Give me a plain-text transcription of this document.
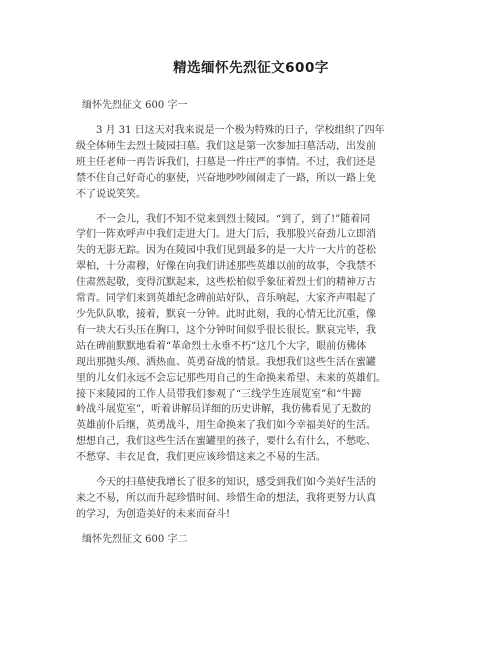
精选缅怀先烈征文600字
缅怀先烈征文 600 字一
3 月 31 日这天对我来说是一个极为特殊的日子，学校组织了四年
级全体师生去烈士陵园扫墓。我们这是第一次参加扫墓活动，出发前
班主任老师一再告诉我们，扫墓是一件庄严的事情。不过，我们还是
禁不住自己好奇心的驱使，兴奋地吵吵闹闹走了一路，所以一路上免
不了说说笑笑。
不一会儿，我们不知不觉来到烈士陵园。“到了，到了!”随着同
学们一阵欢呼声中我们走进大门。进大门后，我那股兴奋劲儿立即消
失的无影无踪。因为在陵园中我们见到最多的是一大片一大片的苍松
翠柏，十分肃穆，好像在向我们讲述那些英雄以前的故事，令我禁不
住肃然起敬，变得沉默起来，这些松柏似乎象征着烈士们的精神万古
常青。同学们来到英雄纪念碑前站好队，音乐响起，大家齐声唱起了
少先队队歌，接着，默哀一分钟。此时此刻，我的心情无比沉重，像
有一块大石头压在胸口，这个分钟时间似乎很长很长。默哀完毕，我
站在碑前默默地看着“革命烈士永垂不朽”这几个大字，眼前仿佛体
现出那抛头颅、洒热血、英勇奋战的情景。我想我们这些生活在蜜罐
里的儿女们永远不会忘记那些用自己的生命换来希望、未来的英雄们。
接下来陵园的工作人员带我们参观了“三线学生连展览室”和“牛蹄
岭战斗展览室”，听着讲解员详细的历史讲解，我仿佛看见了无数的
英雄前仆后继，英勇战斗，用生命换来了我们如今幸福美好的生活。
想想自己，我们这些生活在蜜罐里的孩子，要什么有什么，不愁吃、
不愁穿、丰衣足食，我们更应该珍惜这来之不易的生活。
今天的扫墓使我增长了很多的知识，感受到我们如今美好生活的
来之不易，所以而升起珍惜时间、珍惜生命的想法，我将更努力认真
的学习，为创造美好的未来而奋斗!
缅怀先烈征文 600 字二
